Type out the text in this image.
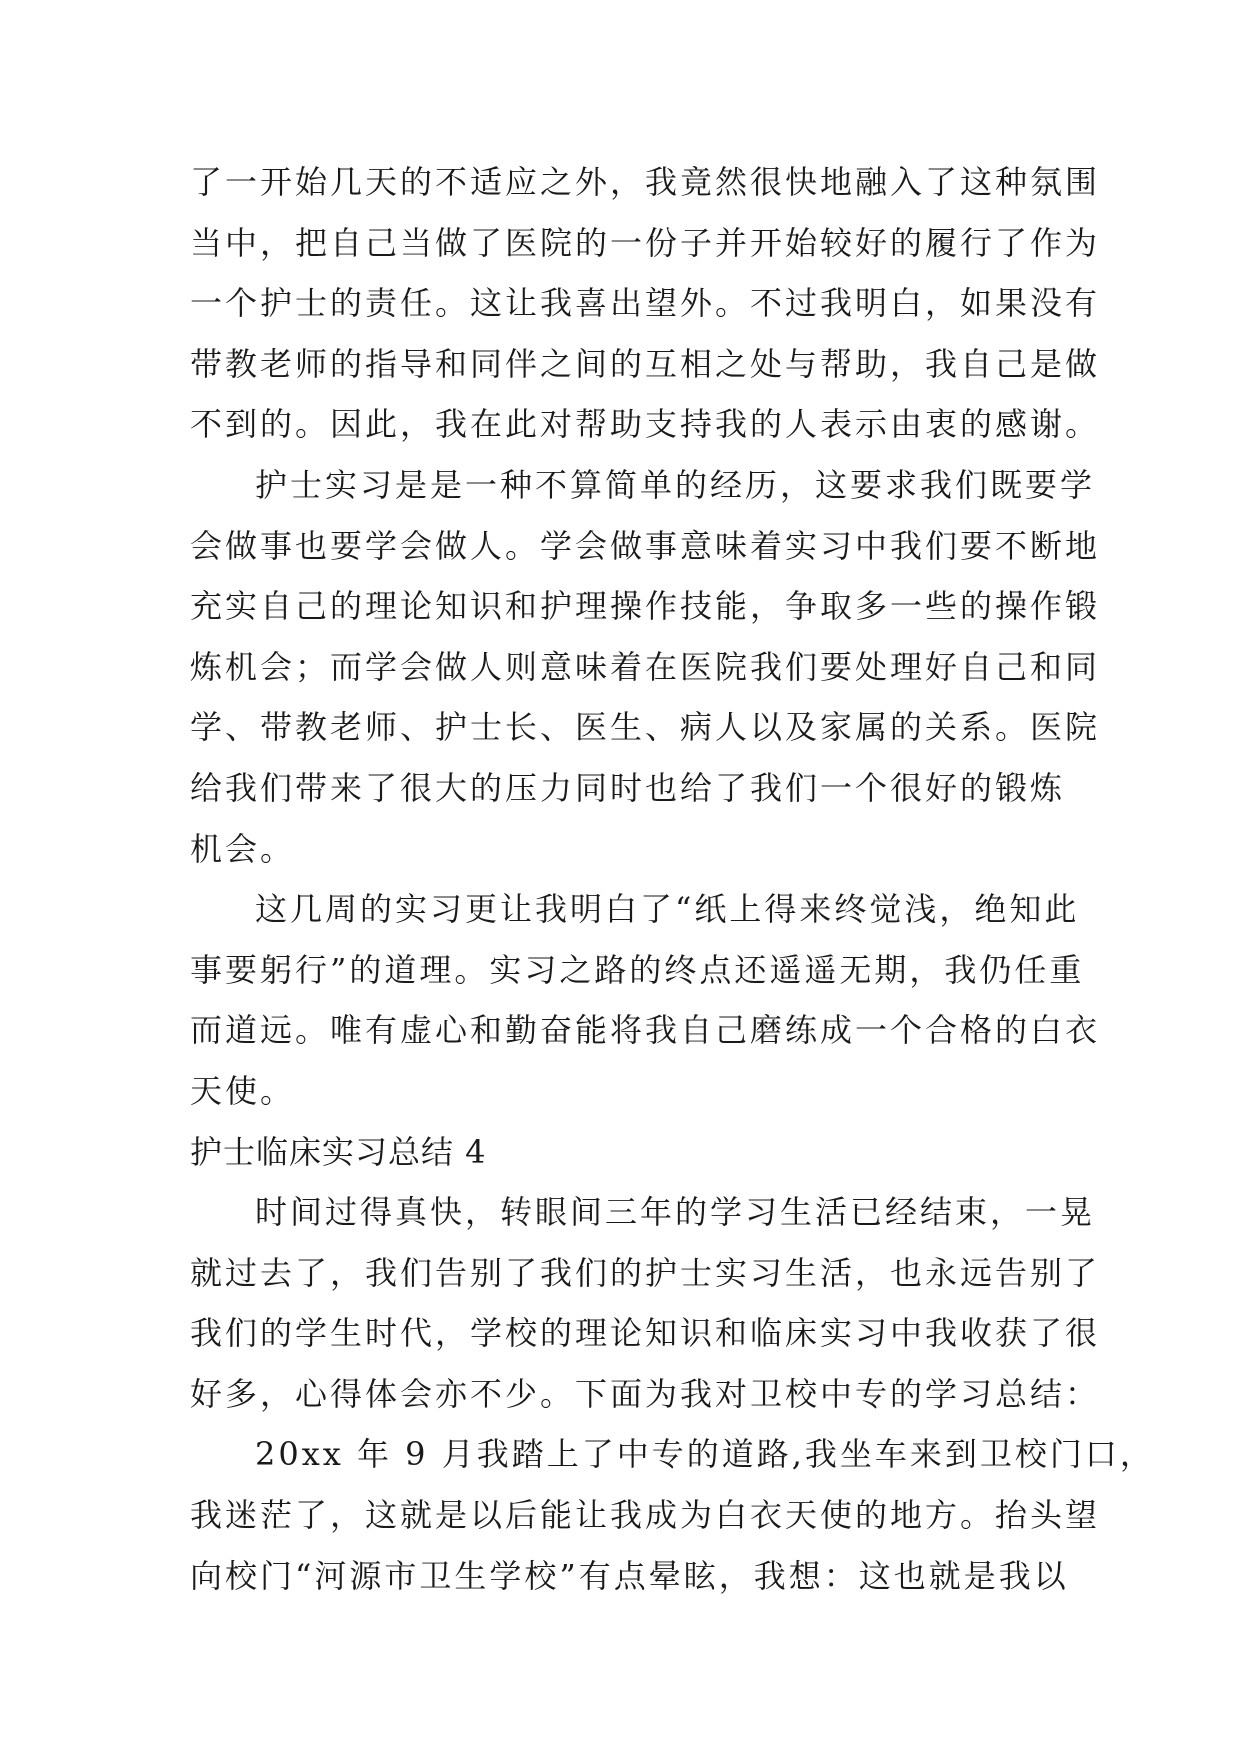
了一开始几天的不适应之外，我竟然很快地融入了这种氛围
当中，把自己当做了医院的一份子并开始较好的履行了作为
一个护士的责任。这让我喜出望外。不过我明白，如果没有
带教老师的指导和同伴之间的互相之处与帮助，我自己是做
不到的。因此，我在此对帮助支持我的人表示由衷的感谢。
护士实习是是一种不算简单的经历，这要求我们既要学
会做事也要学会做人。学会做事意味着实习中我们要不断地
充实自己的理论知识和护理操作技能，争取多一些的操作锻
炼机会；而学会做人则意味着在医院我们要处理好自己和同
学、带教老师、护士长、医生、病人以及家属的关系。医院
给我们带来了很大的压力同时也给了我们一个很好的锻炼
机会。
这几周的实习更让我明白了“纸上得来终觉浅，绝知此
事要躬行”的道理。实习之路的终点还遥遥无期，我仍任重
而道远。唯有虚心和勤奋能将我自己磨练成一个合格的白衣
天使。
护士临床实习总结 4
时间过得真快，转眼间三年的学习生活已经结束，一晃
就过去了，我们告别了我们的护士实习生活，也永远告别了
我们的学生时代，学校的理论知识和临床实习中我收获了很
好多，心得体会亦不少。下面为我对卫校中专的学习总结：
20xx 年 9 月我踏上了中专的道路,我坐车来到卫校门口，
我迷茫了，这就是以后能让我成为白衣天使的地方。抬头望
向校门“河源市卫生学校”有点晕眩，我想：这也就是我以
